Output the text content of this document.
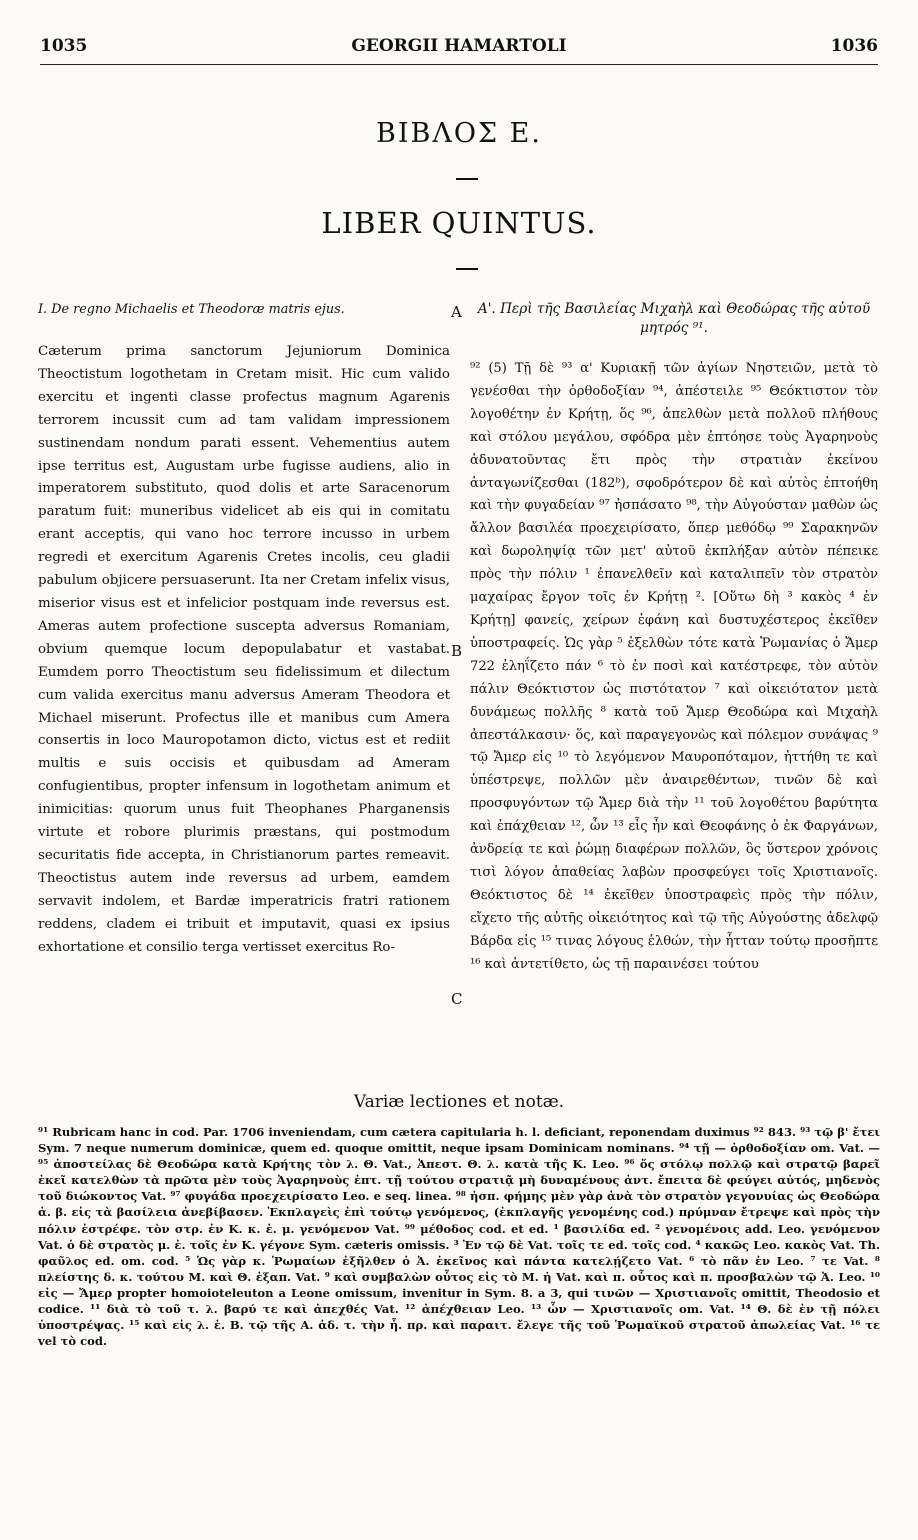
1035	GEORGII HAMARTOLI	1036
ΒΙΒΛΟΣ Ε.
LIBER QUINTUS.
I. De regno Michaelis et Theodoræ matris ejus.

Cæterum prima sanctorum Jejuniorum Dominica Theoctistum logothetam in Cretam misit. Hic cum valido exercitu et ingenti classe profectus magnum Agarenis terrorem incussit cum ad tam validam impressionem sustinendam nondum parati essent. Vehementius autem ipse territus est, Augustam urbe fugisse audiens, alio in imperatorem substituto, quod dolis et arte Saracenorum paratum fuit: muneribus videlicet ab eis qui in comitatu erant acceptis, qui vano hoc terrore incusso in urbem regredi et exercitum Agarenis Cretes incolis, ceu gladii pabulum objicere persuaserunt. Ita ner Cretam infelix visus, miserior visus est et infelicior postquam inde reversus est. Ameras autem profectione suscepta adversus Romaniam, obvium quemque locum depopulabatur et vastabat. Eumdem porro Theoctistum seu fidelissimum et dilectum cum valida exercitus manu adversus Ameram Theodora et Michael miserunt. Profectus ille et manibus cum Amera consertis in loco Mauropotamon dicto, victus est et rediit multis e suis occisis et quibusdam ad Ameram confugientibus, propter infensum in logothetam animum et inimicitias: quorum unus fuit Theophanes Pharganensis virtute et robore plurimis præstans, qui postmodum securitatis fide accepta, in Christianorum partes remeavit. Theoctistus autem inde reversus ad urbem, eamdem servavit indolem, et Bardæ imperatricis fratri rationem reddens, cladem ei tribuit et imputavit, quasi ex ipsius exhortatione et consilio terga vertisset exercitus Ro-

A
B
C
Α'. Περὶ τῆς Βασιλείας Μιχαὴλ καὶ Θεοδώρας τῆς αὐτοῦ μητρός ⁹¹.

⁹² (5) Τῇ δὲ ⁹³ α' Κυριακῇ τῶν ἁγίων Νηστειῶν, μετὰ τὸ γενέσθαι τὴν ὀρθοδοξίαν ⁹⁴, ἀπέστειλε ⁹⁵ Θεόκτιστον τὸν λογοθέτην ἐν Κρήτῃ, ὅς ⁹⁶, ἀπελθὼν μετὰ πολλοῦ πλήθους καὶ στόλου μεγάλου, σφόδρα μὲν ἐπτόησε τοὺς Ἀγαρηνοὺς ἀδυνατοῦντας ἔτι πρὸς τὴν στρατιὰν ἐκείνου ἀνταγωνίζεσθαι (182ᵇ), σφοδρότερον δὲ καὶ αὐτὸς ἐπτοήθη καὶ τὴν φυγαδείαν ⁹⁷ ἠσπάσατο ⁹⁸, τὴν Αὐγούσταν μαθὼν ὡς ἄλλον βασιλέα προεχειρίσατο, ὅπερ μεθόδῳ ⁹⁹ Σαρακηνῶν καὶ δωροληψίᾳ τῶν μετ' αὐτοῦ ἐκπλήξαν αὐτὸν πέπεικε πρὸς τὴν πόλιν ¹ ἐπανελθεῖν καὶ καταλιπεῖν τὸν στρατὸν μαχαίρας ἔργον τοῖς ἐν Κρήτῃ ². [Οὕτω δὴ ³ κακὸς ⁴ ἐν Κρήτῃ] φανείς, χείρων ἐφάνη καὶ δυστυχέστερος ἐκεῖθεν ὑποστραφείς. Ὡς γὰρ ⁵ ἐξελθὼν τότε κατὰ Ῥωμανίας ὁ Ἄμερ 722 ἐληΐζετο πάν ⁶ τὸ ἐν ποσὶ καὶ κατέστρεφε, τὸν αὐτὸν πάλιν Θεόκτιστον ὡς πιστότατον ⁷ καὶ οἰκειότατον μετὰ δυνάμεως πολλῆς ⁸ κατὰ τοῦ Ἄμερ Θεοδώρα καὶ Μιχαὴλ ἀπεστάλκασιν· ὅς, καὶ παραγεγονὼς καὶ πόλεμον συνάψας ⁹ τῷ Ἄμερ εἰς ¹⁰ τὸ λεγόμενον Μαυροπόταμον, ἡττήθη τε καὶ ὑπέστρεψε, πολλῶν μὲν ἀναιρεθέντων, τινῶν δὲ καὶ προσφυγόντων τῷ Ἄμερ διὰ τὴν ¹¹ τοῦ λογοθέτου βαρύτητα καὶ ἐπάχθειαν ¹², ὧν ¹³ εἷς ἦν καὶ Θεοφάνης ὁ ἐκ Φαργάνων, ἀνδρείᾳ τε καὶ ῥώμῃ διαφέρων πολλῶν, ὃς ὕστερον χρόνοις τισὶ λόγον ἀπαθείας λαβὼν προσφεύγει τοῖς Χριστιανοῖς. Θεόκτιστος δὲ ¹⁴ ἐκεῖθεν ὑποστραφεὶς πρὸς τὴν πόλιν, εἴχετο τῆς αὐτῆς οἰκειότητος καὶ τῷ τῆς Αὐγούστης ἀδελφῷ Βάρδα εἰς ¹⁵ τινας λόγους ἐλθών, τὴν ἧτταν τούτῳ προσῆπτε ¹⁶ καὶ ἀντετίθετο, ὡς τῇ παραινέσει τούτου

Variæ lectiones et notæ.

⁹¹ Rubricam hanc in cod. Par. 1706 inveniendam, cum cætera capitularia h. l. deficiant, reponendam duximus ⁹² 843. ⁹³ τῷ β' ἔτει Sym. 7 neque numerum dominicæ, quem ed. quoque omittit, neque ipsam Dominicam nominans. ⁹⁴ τῇ — ὀρθοδοξίαν om. Vat. — ⁹⁵ ἀποστείλας δὲ Θεοδώρα κατὰ Κρήτης τὸν λ. Θ. Vat., Ἀπεστ. Θ. λ. κατὰ τῆς Κ. Leo. ⁹⁶ ὅς στόλῳ πολλῷ καὶ στρατῷ βαρεῖ ἐκεῖ κατελθὼν τὰ πρῶτα μὲν τοὺς Ἀγαρηνοὺς ἐπτ. τῇ τούτου στρατιᾷ μὴ δυναμένους ἀντ. ἔπειτα δὲ φεύγει αὐτός, μηδενὸς τοῦ διώκοντος Vat. ⁹⁷ φυγάδα προεχειρίσατο Leo. e seq. linea. ⁹⁸ ἠσπ. φήμης μὲν γὰρ ἀνὰ τὸν στρατὸν γεγονυίας ὡς Θεοδώρα ἀ. β. εἰς τὰ βασίλεια ἀνεβίβασεν. Ἐκπλαγεὶς ἐπὶ τούτῳ γενόμενος, (ἐκπλαγῆς γενομένης cod.) πρύμναν ἔτρεψε καὶ πρὸς τὴν πόλιν ἐστρέφε. τὸν στρ. ἐν Κ. κ. ἐ. μ. γενόμενον Vat. ⁹⁹ μέθοδος cod. et ed. ¹ βασιλίδα ed. ² γενομένοις add. Leo. γενόμενον Vat. ὁ δὲ στρατὸς μ. ἐ. τοῖς ἐν Κ. γέγονε Sym. cæteris omissis. ³ Ἐν τῷ δὲ Vat. τοῖς τε ed. τοῖς cod. ⁴ κακῶς Leo. κακὸς Vat. Th. φαῦλος ed. om. cod. ⁵ Ὡς γὰρ κ. Ῥωμαίων ἐξῆλθεν ὁ Ἀ. ἐκεῖνος καὶ πάντα κατελῄζετο Vat. ⁶ τὸ πᾶν ἐν Leo. ⁷ τε Vat. ⁸ πλείστης δ. κ. τούτου Μ. καὶ Θ. ἐξαπ. Vat. ⁹ καὶ συμβαλὼν οὗτος εἰς τὸ Μ. ἡ Vat. καὶ π. οὗτος καὶ π. προσβαλὼν τῷ Ἀ. Leo. ¹⁰ εἰς — Ἄμερ propter homoioteleuton a Leone omissum, invenitur in Sym. 8. a 3, qui τινῶν — Χριστιανοῖς omittit, Theodosio et codice. ¹¹ διὰ τὸ τοῦ τ. λ. βαρύ τε καὶ ἀπεχθές Vat. ¹² ἀπέχθειαν Leo. ¹³ ὧν — Χριστιανοῖς om. Vat. ¹⁴ Θ. δὲ ἐν τῇ πόλει ὑποστρέψας. ¹⁵ καὶ εἰς λ. ἐ. Β. τῷ τῆς Α. ἀδ. τ. τὴν ἧ. πρ. καὶ παραιτ. ἔλεγε τῆς τοῦ Ῥωμαϊκοῦ στρατοῦ ἀπωλείας Vat. ¹⁶ τε vel τὸ cod.
